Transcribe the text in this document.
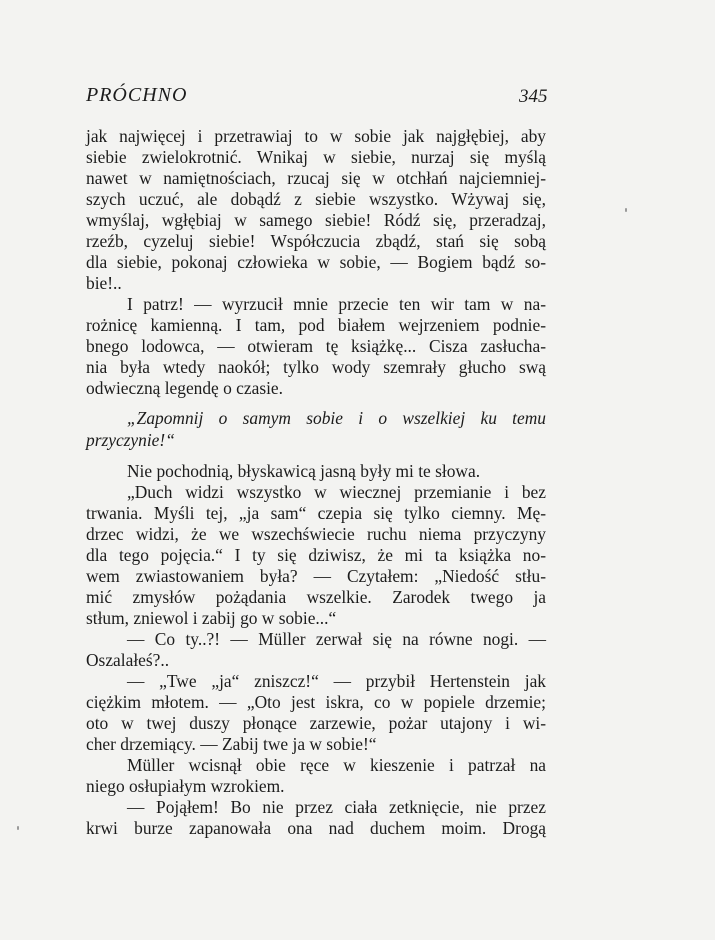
PRÓCHNO	345
jak najwięcej i przetrawiaj to w sobie jak najgłębiej, aby
siebie zwielokrotnić. Wnikaj w siebie, nurzaj się myślą
nawet w namiętnościach, rzucaj się w otchłań najciemniej-
szych uczuć, ale dobądź z siebie wszystko. Wżywaj się,
wmyślaj, wgłębiaj w samego siebie! Ródź się, przeradzaj,
rzeźb, cyzeluj siebie! Współczucia zbądź, stań się sobą
dla siebie, pokonaj człowieka w sobie, — Bogiem bądź so-
bie!..
I patrz! — wyrzucił mnie przecie ten wir tam w na-
rożnicę kamienną. I tam, pod białem wejrzeniem podnie-
bnego lodowca, — otwieram tę książkę... Cisza zasłucha-
nia była wtedy naokół; tylko wody szemrały głucho swą
odwieczną legendę o czasie.
„Zapomnij o samym sobie i o wszelkiej ku temu
przyczynie!“
Nie pochodnią, błyskawicą jasną były mi te słowa.
„Duch widzi wszystko w wiecznej przemianie i bez
trwania. Myśli tej, „ja sam“ czepia się tylko ciemny. Mę-
drzec widzi, że we wszechświecie ruchu niema przyczyny
dla tego pojęcia.“ I ty się dziwisz, że mi ta książka no-
wem zwiastowaniem była? — Czytałem: „Niedość stłu-
mić zmysłów pożądania wszelkie. Zarodek twego ja
stłum, zniewol i zabij go w sobie...“
— Co ty..?! — Müller zerwał się na równe nogi. —
Oszalałeś?..
— „Twe „ja“ zniszcz!“ — przybił Hertenstein jak
ciężkim młotem. — „Oto jest iskra, co w popiele drzemie;
oto w twej duszy płonące zarzewie, pożar utajony i wi-
cher drzemiący. — Zabij twe ja w sobie!“
Müller wcisnął obie ręce w kieszenie i patrzał na
niego osłupiałym wzrokiem.
— Pojąłem! Bo nie przez ciała zetknięcie, nie przez
krwi burze zapanowała ona nad duchem moim. Drogą
